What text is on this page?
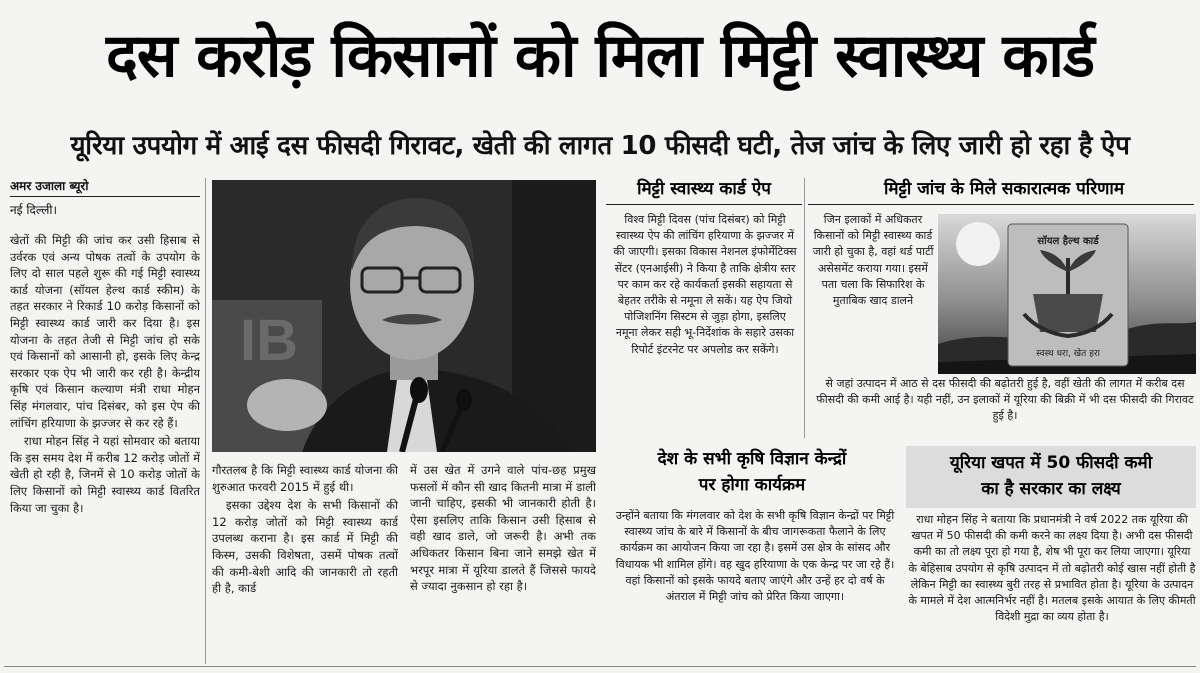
दस करोड़ किसानों को मिला मिट्टी स्वास्थ्य कार्ड
यूरिया उपयोग में आई दस फीसदी गिरावट, खेती की लागत 10 फीसदी घटी, तेज जांच के लिए जारी हो रहा है ऐप
अमर उजाला ब्यूरो
नई दिल्ली।

खेतों की मिट्टी की जांच कर उसी हिसाब से उर्वरक एवं अन्य पोषक तत्वों के उपयोग के लिए दो साल पहले शुरू की गई मिट्टी स्वास्थ्य कार्ड योजना (सॉयल हेल्थ कार्ड स्कीम) के तहत सरकार ने रिकार्ड 10 करोड़ किसानों को मिट्टी स्वास्थ्य कार्ड जारी कर दिया है। इस योजना के तहत तेजी से मिट्टी जांच हो सके एवं किसानों को आसानी हो, इसके लिए केन्द्र सरकार एक ऐप भी जारी कर रही है। केन्द्रीय कृषि एवं किसान कल्याण मंत्री राधा मोहन सिंह मंगलवार, पांच दिसंबर, को इस ऐप की लांचिंग हरियाणा के झज्जर से कर रहे हैं।

राधा मोहन सिंह ने यहां सोमवार को बताया कि इस समय देश में करीब 12 करोड़ जोतों में खेती हो रही है, जिनमें से 10 करोड़ जोतों के लिए किसानों को मिट्टी स्वास्थ्य कार्ड वितरित किया जा चुका है।

IB

गौरतलब है कि मिट्टी स्वास्थ्य कार्ड योजना की शुरुआत फरवरी 2015 में हुई थी।

इसका उद्देश्य देश के सभी किसानों की 12 करोड़ जोतों को मिट्टी स्वास्थ्य कार्ड उपलब्ध कराना है। इस कार्ड में मिट्टी की किस्म, उसकी विशेषता, उसमें पोषक तत्वों की कमी-बेशी आदि की जानकारी तो रहती ही है, कार्ड

में उस खेत में उगने वाले पांच-छह प्रमुख फसलों में कौन सी खाद कितनी मात्रा में डाली जानी चाहिए, इसकी भी जानकारी होती है। ऐसा इसलिए ताकि किसान उसी हिसाब से वही खाद डाले, जो जरूरी है। अभी तक अधिकतर किसान बिना जाने समझे खेत में भरपूर मात्रा में यूरिया डालते हैं जिससे फायदे से ज्यादा नुकसान हो रहा है।

मिट्टी स्वास्थ्य कार्ड ऐप
विश्व मिट्टी दिवस (पांच दिसंबर) को मिट्टी स्वास्थ्य ऐप की लांचिंग हरियाणा के झज्जर में की जाएगी। इसका विकास नेशनल इंफोर्मेटिक्स सेंटर (एनआईसी) ने किया है ताकि क्षेत्रीय स्तर पर काम कर रहे कार्यकर्ता इसकी सहायता से बेहतर तरीके से नमूना ले सकें। यह ऐप जियो पोजिशनिंग सिस्टम से जुड़ा होगा, इसलिए नमूना लेकर सही भू-निर्देशांक के सहारे उसका रिपोर्ट इंटरनेट पर अपलोड कर सकेंगे।
मिट्टी जांच के मिले सकारात्मक परिणाम
जिन इलाकों में अधिकतर किसानों को मिट्टी स्वास्थ्य कार्ड जारी हो चुका है, वहां थर्ड पार्टी असेसमेंट कराया गया। इसमें पता चला कि सिफारिश के मुताबिक खाद डालने
सॉयल हैल्थ कार्ड
स्वस्थ धरा, खेत हरा
से जहां उत्पादन में आठ से दस फीसदी की बढ़ोतरी हुई है, वहीं खेती की लागत में करीब दस फीसदी की कमी आई है। यही नहीं, उन इलाकों में यूरिया की बिक्री में भी दस फीसदी की गिरावट हुई है।
देश के सभी कृषि विज्ञान केन्द्रों
पर होगा कार्यक्रम
उन्होंने बताया कि मंगलवार को देश के सभी कृषि विज्ञान केन्द्रों पर मिट्टी स्वास्थ्य जांच के बारे में किसानों के बीच जागरूकता फैलाने के लिए कार्यक्रम का आयोजन किया जा रहा है। इसमें उस क्षेत्र के सांसद और विधायक भी शामिल होंगे। वह खुद हरियाणा के एक केन्द्र पर जा रहे हैं। वहां किसानों को इसके फायदे बताए जाएंगे और उन्हें हर दो वर्ष के अंतराल में मिट्टी जांच को प्रेरित किया जाएगा।
यूरिया खपत में 50 फीसदी कमी
का है सरकार का लक्ष्य
राधा मोहन सिंह ने बताया कि प्रधानमंत्री ने वर्ष 2022 तक यूरिया की खपत में 50 फीसदी की कमी करने का लक्ष्य दिया है। अभी दस फीसदी कमी का तो लक्ष्य पूरा हो गया है, शेष भी पूरा कर लिया जाएगा। यूरिया के बेहिसाब उपयोग से कृषि उत्पादन में तो बढ़ोतरी कोई खास नहीं होती है लेकिन मिट्टी का स्वास्थ्य बुरी तरह से प्रभावित होता है। यूरिया के उत्पादन के मामले में देश आत्मनिर्भर नहीं है। मतलब इसके आयात के लिए कीमती विदेशी मुद्रा का व्यय होता है।
